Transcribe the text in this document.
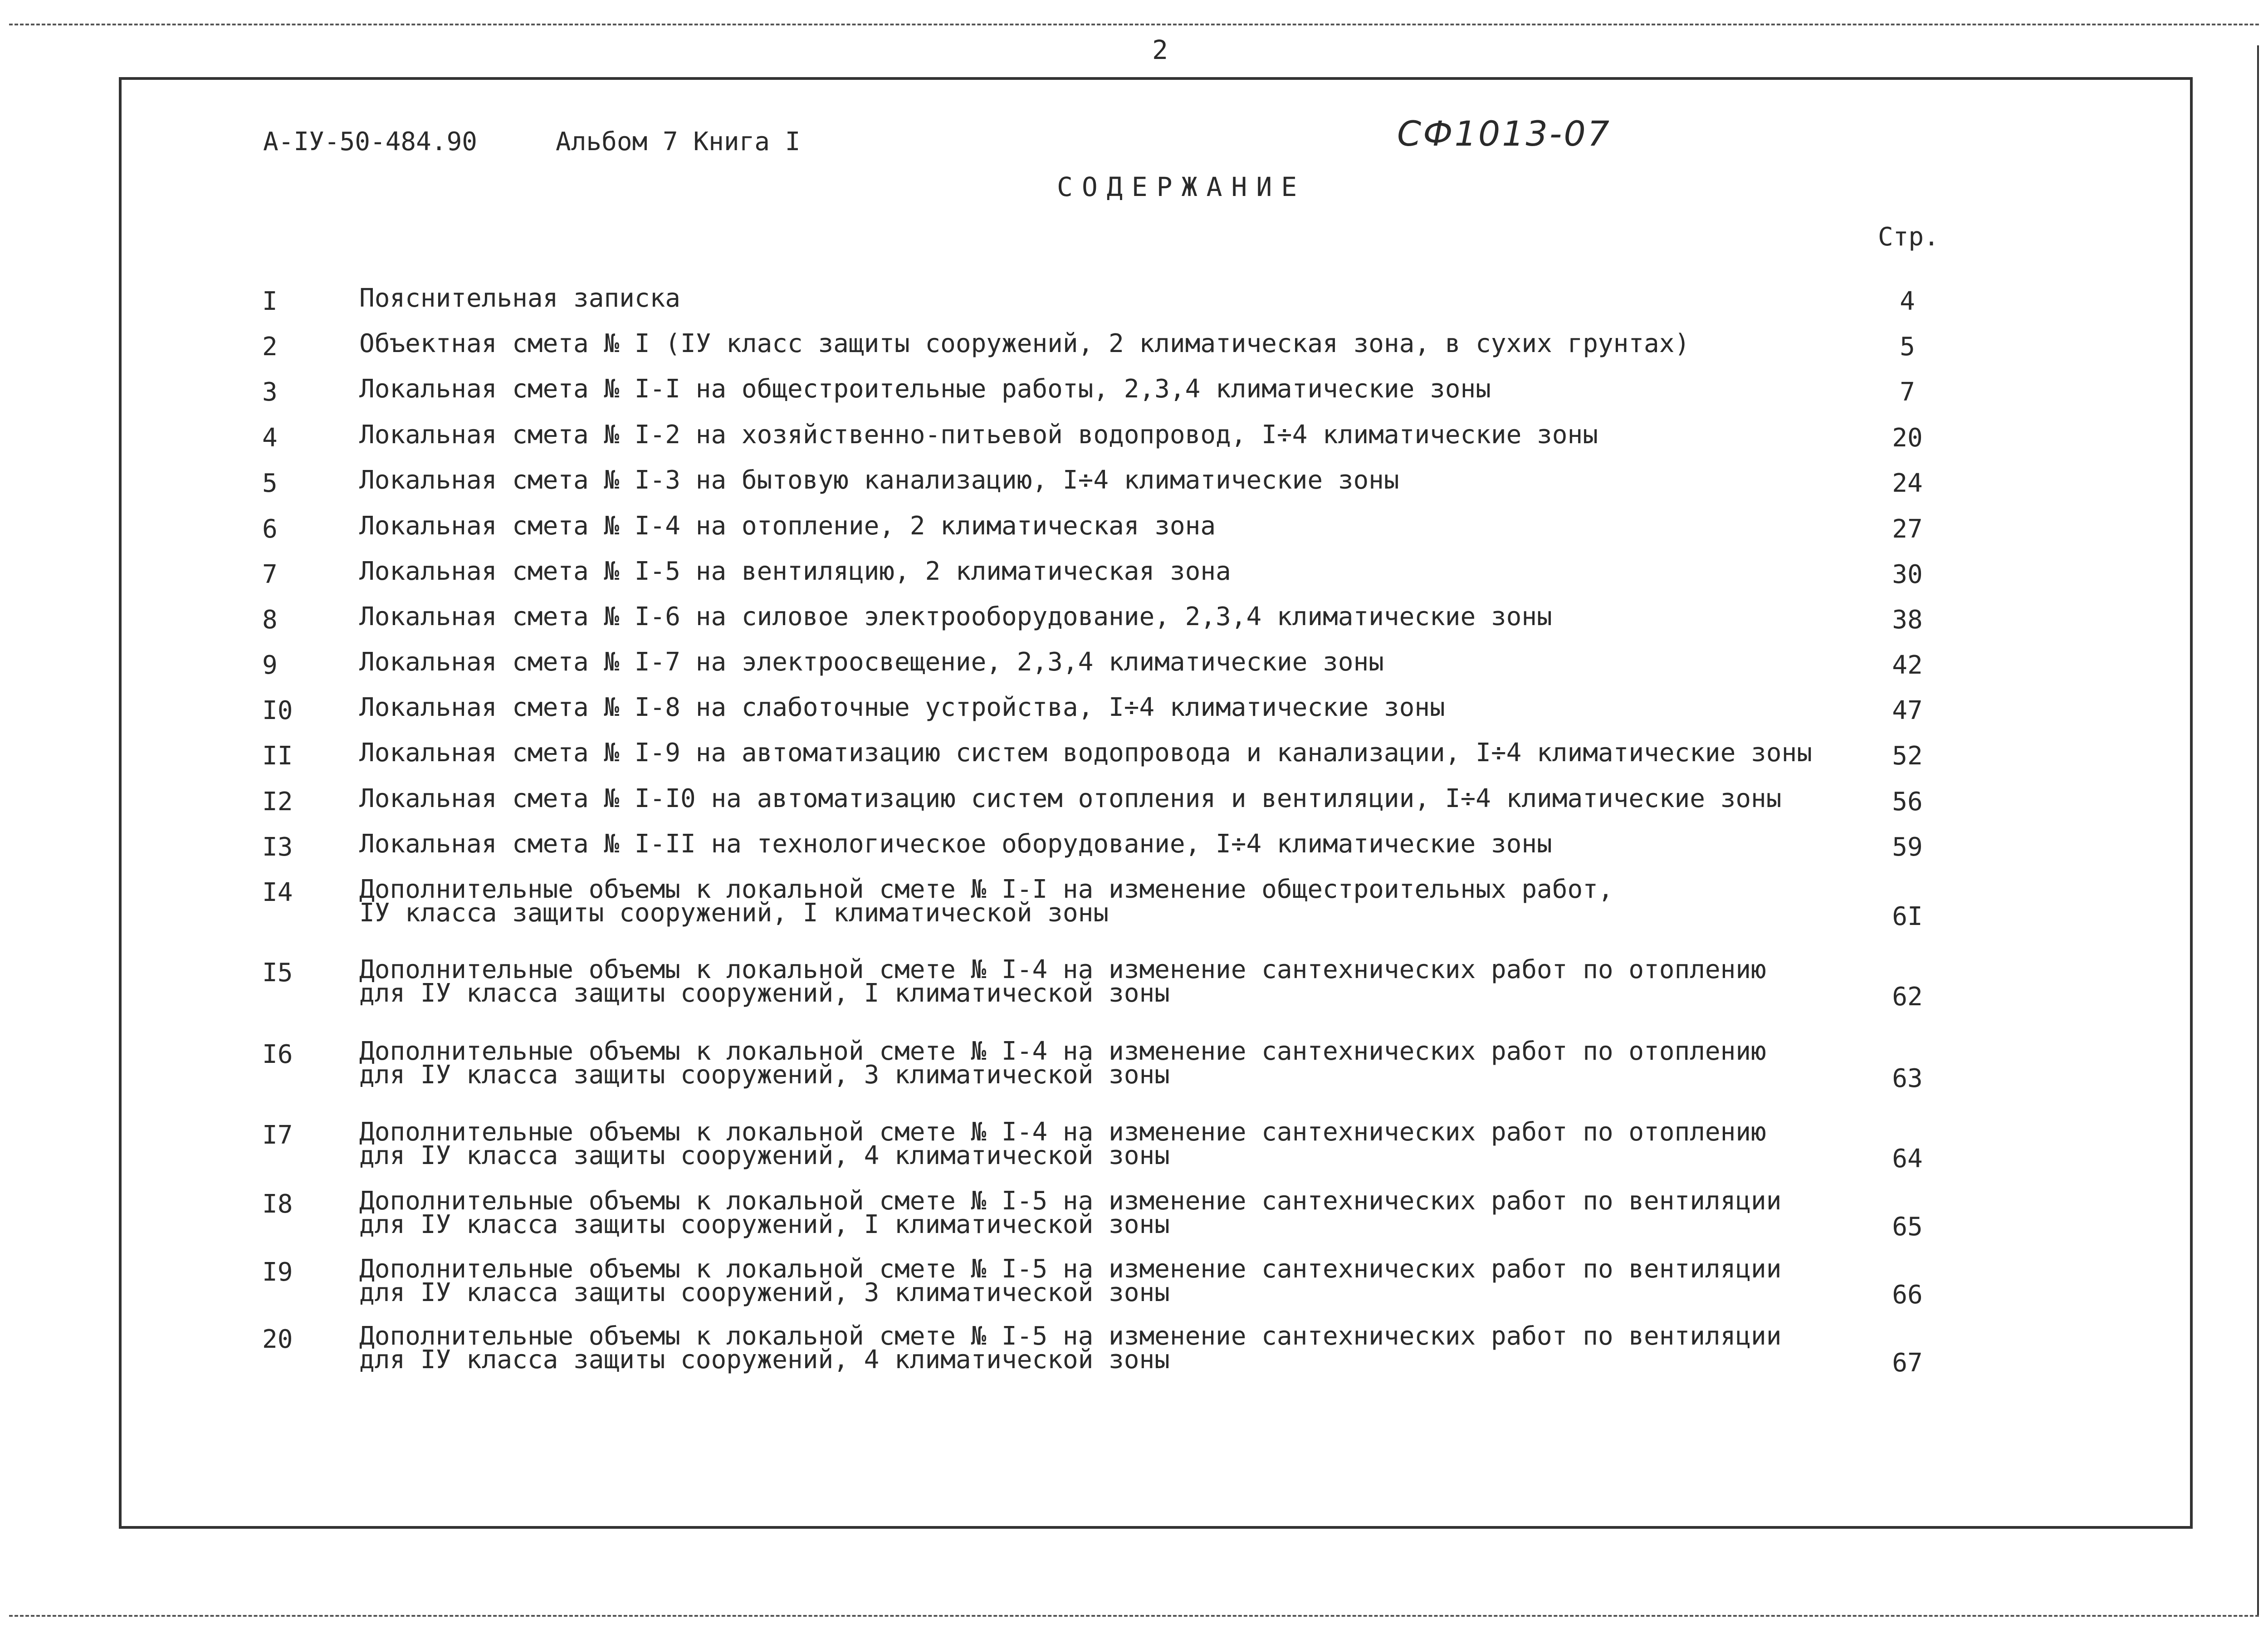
2
А-IУ-50-484.90	Альбом 7 Книга I	СФ1013-07
СОДЕРЖАНИЕ
Стр.
I	Пояснительная записка	4
2	Объектная смета № I (IУ класс защиты сооружений, 2 климатическая зона, в сухих грунтах)	5
3	Локальная смета № I-I на общестроительные работы, 2,3,4 климатические зоны	7
4	Локальная смета № I-2 на хозяйственно-питьевой водопровод, I÷4 климатические зоны	20
5	Локальная смета № I-3 на бытовую канализацию, I÷4 климатические зоны	24
6	Локальная смета № I-4 на отопление, 2 климатическая зона	27
7	Локальная смета № I-5 на вентиляцию, 2 климатическая зона	30
8	Локальная смета № I-6 на силовое электрооборудование, 2,3,4 климатические зоны	38
9	Локальная смета № I-7 на электроосвещение, 2,3,4 климатические зоны	42
I0	Локальная смета № I-8 на слаботочные устройства, I÷4 климатические зоны	47
II	Локальная смета № I-9 на автоматизацию систем водопровода и канализации, I÷4 климатические зоны	52
I2	Локальная смета № I-I0 на автоматизацию систем отопления и вентиляции, I÷4 климатические зоны	56
I3	Локальная смета № I-II на технологическое оборудование, I÷4 климатические зоны	59
I4	Дополнительные объемы к локальной смете № I-I на изменение общестроительных работ,
IУ класса защиты сооружений, I климатической зоны	6I
I5	Дополнительные объемы к локальной смете № I-4 на изменение сантехнических работ по отоплению
для IУ класса защиты сооружений, I климатической зоны	62
I6	Дополнительные объемы к локальной смете № I-4 на изменение сантехнических работ по отоплению
для IУ класса защиты сооружений, 3 климатической зоны	63
I7	Дополнительные объемы к локальной смете № I-4 на изменение сантехнических работ по отоплению
для IУ класса защиты сооружений, 4 климатической зоны	64
I8	Дополнительные объемы к локальной смете № I-5 на изменение сантехнических работ по вентиляции
для IУ класса защиты сооружений, I климатической зоны	65
I9	Дополнительные объемы к локальной смете № I-5 на изменение сантехнических работ по вентиляции
для IУ класса защиты сооружений, 3 климатической зоны	66
20	Дополнительные объемы к локальной смете № I-5 на изменение сантехнических работ по вентиляции
для IУ класса защиты сооружений, 4 климатической зоны	67
